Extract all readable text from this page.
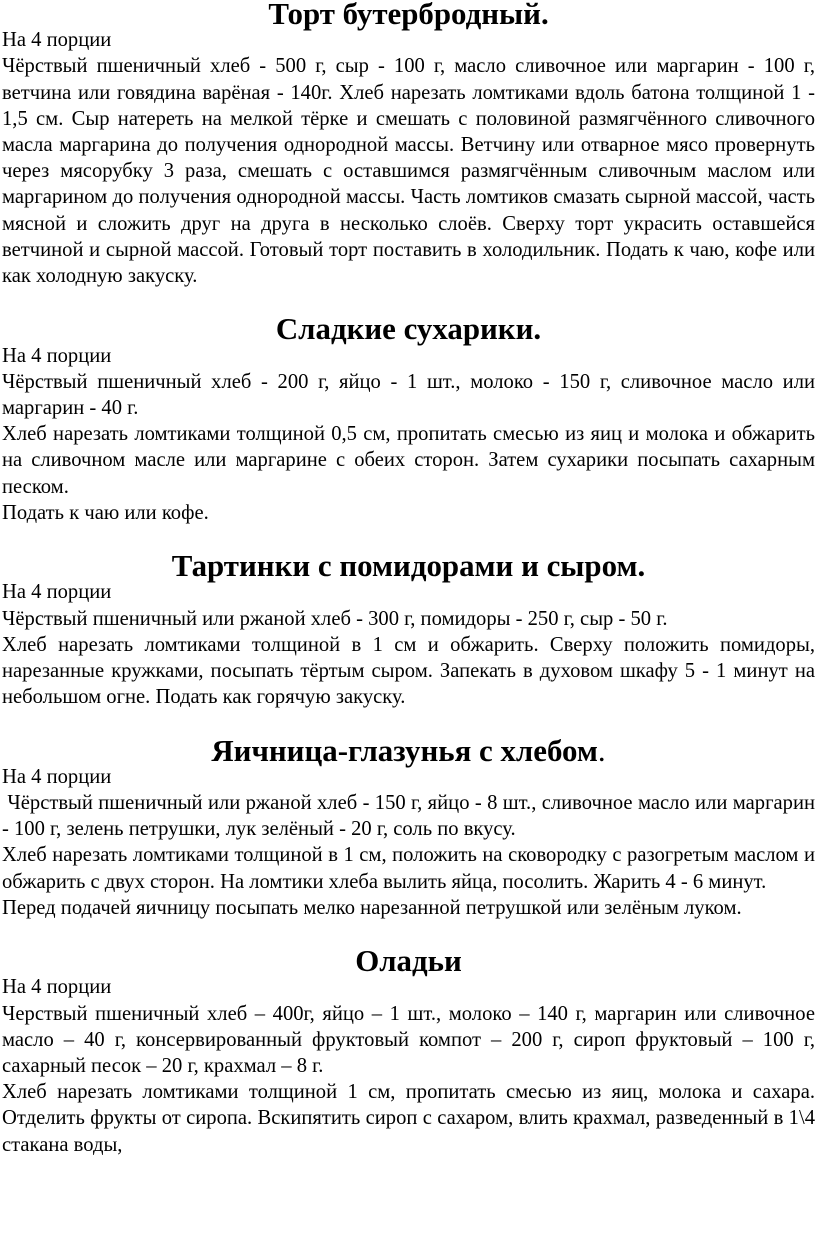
Торт бутербродный.

На 4 порции

Чёрствый пшеничный хлеб - 500 г, сыр - 100 г, масло сливочное или маргарин - 100 г, ветчина или говядина варёная - 140г. Хлеб нарезать ломтиками вдоль батона толщиной 1 - 1,5 см. Сыр натереть на мелкой тёрке и смешать с половиной размягчённого сливочного масла маргарина до получения однородной массы. Ветчину или отварное мясо провернуть через мясорубку 3 раза, смешать с оставшимся размягчённым сливочным маслом или маргарином до получения однородной массы. Часть ломтиков смазать сырной массой, часть мясной и сложить друг на друга в несколько слоёв. Сверху торт украсить оставшейся ветчиной и сырной массой. Готовый торт поставить в холодильник. Подать к чаю, кофе или как холодную закуску.

Сладкие сухарики.

На 4 порции

Чёрствый пшеничный хлеб - 200 г, яйцо - 1 шт., молоко - 150 г, сливочное масло или маргарин - 40 г.

Хлеб нарезать ломтиками толщиной 0,5 см, пропитать смесью из яиц и молока и обжарить на сливочном масле или маргарине с обеих сторон. Затем сухарики посыпать сахарным песком.

Подать к чаю или кофе.

Тартинки с помидорами и сыром.

На 4 порции

Чёрствый пшеничный или ржаной хлеб - 300 г, помидоры - 250 г, сыр - 50 г.

Хлеб нарезать ломтиками толщиной в 1 см и обжарить. Сверху положить помидоры, нарезанные кружками, посыпать тёртым сыром. Запекать в духовом шкафу 5 - 1 минут на небольшом огне. Подать как горячую закуску.

Яичница-глазунья с хлебом.

На 4 порции

Чёрствый пшеничный или ржаной хлеб - 150 г, яйцо - 8 шт., сливочное масло или маргарин - 100 г, зелень петрушки, лук зелёный - 20 г, соль по вкусу.

Хлеб нарезать ломтиками толщиной в 1 см, положить на сковородку с разогретым маслом и обжарить с двух сторон. На ломтики хлеба вылить яйца, посолить. Жарить 4 - 6 минут.

Перед подачей яичницу посыпать мелко нарезанной петрушкой или зелёным луком.

Оладьи

На 4 порции

Черствый пшеничный хлеб – 400г, яйцо – 1 шт., молоко – 140 г, маргарин или сливочное масло – 40 г, консервированный фруктовый компот – 200 г, сироп фруктовый – 100 г, сахарный песок – 20 г, крахмал – 8 г.

Хлеб нарезать ломтиками толщиной 1 см, пропитать смесью из яиц, молока и сахара. Отделить фрукты от сиропа. Вскипятить сироп с сахаром, влить крахмал, разведенный в 1\4 стакана воды,
